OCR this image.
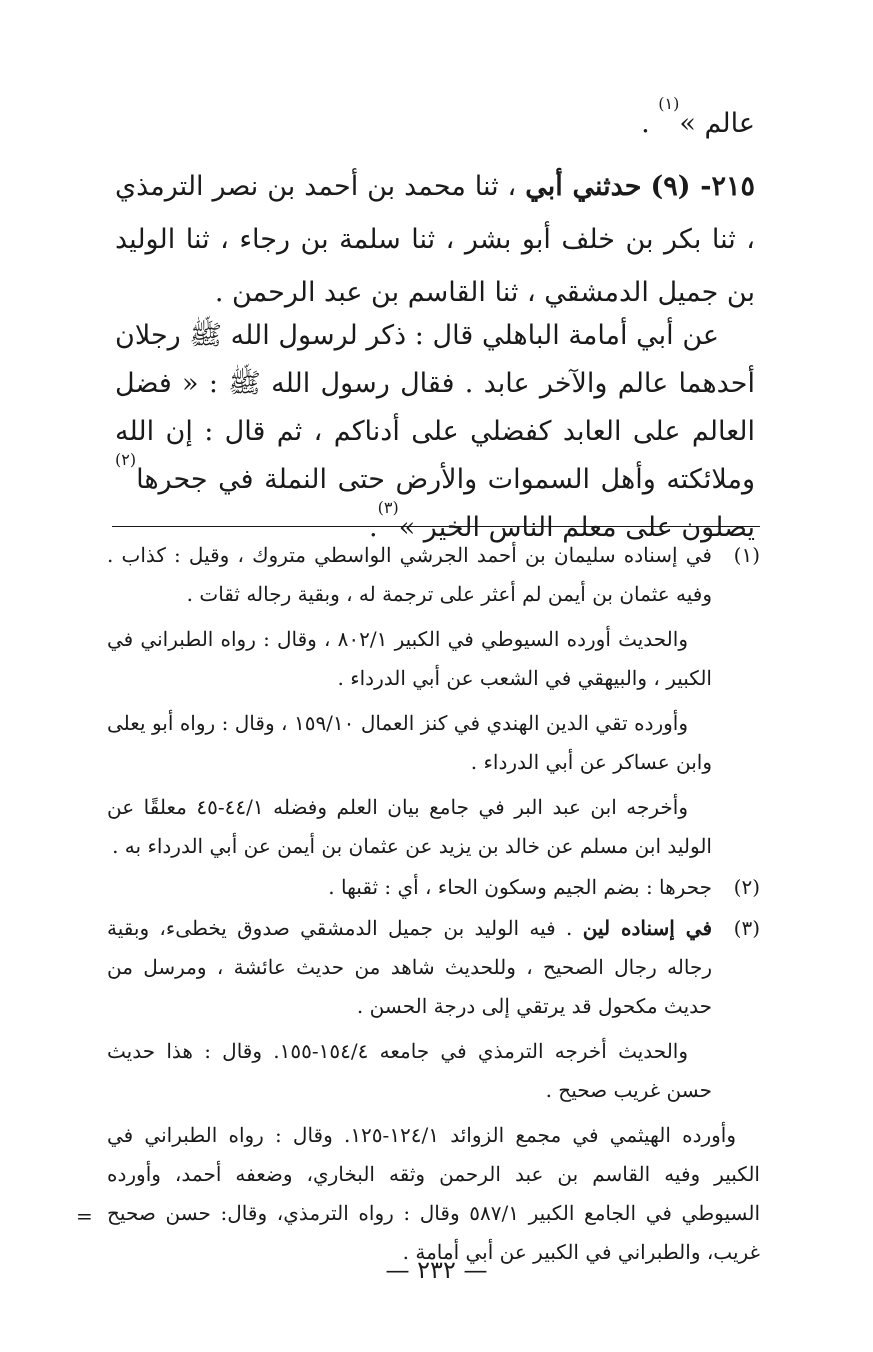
عالم »$^{(١)}$ .
٢١٥- (٩) حدثني أبي ، ثنا محمد بن أحمد بن نصر الترمذي ، ثنا بكر بن خلف أبو بشر ، ثنا سلمة بن رجاء ، ثنا الوليد بن جميل الدمشقي ، ثنا القاسم بن عبد الرحمن .
عن أبي أمامة الباهلي قال : ذكر لرسول الله ﷺ رجلان أحدهما عالم والآخر عابد . فقال رسول الله ﷺ : « فضل العالم على العابد كفضلي على أدناكم ، ثم قال : إن الله وملائكته وأهل السموات والأرض حتى النملة في جحرها$^{(٢)}$ يصلون على معلم الناس الخير »$^{(٣)}$.
(١)
في إسناده سليمان بن أحمد الجرشي الواسطي متروك ، وقيل : كذاب . وفيه عثمان بن أيمن لم أعثر على ترجمة له ، وبقية رجاله ثقات .
والحديث أورده السيوطي في الكبير ٨٠٢/١ ، وقال : رواه الطبراني في الكبير ، والبيهقي في الشعب عن أبي الدرداء .
وأورده تقي الدين الهندي في كنز العمال ١٥٩/١٠ ، وقال : رواه أبو يعلى وابن عساكر عن أبي الدرداء .
وأخرجه ابن عبد البر في جامع بيان العلم وفضله ٤٤/١-٤٥ معلقًا عن الوليد ابن مسلم عن خالد بن يزيد عن عثمان بن أيمن عن أبي الدرداء به .
(٢)
جحرها : بضم الجيم وسكون الحاء ، أي : ثقبها .
(٣)
في إسناده لين . فيه الوليد بن جميل الدمشقي صدوق يخطىء، وبقية رجاله رجال الصحيح ، وللحديث شاهد من حديث عائشة ، ومرسل من حديث مكحول قد يرتقي إلى درجة الحسن .
والحديث أخرجه الترمذي في جامعه ١٥٤/٤-١٥٥. وقال : هذا حديث حسن غريب صحيح .
وأورده الهيثمي في مجمع الزوائد ١٢٤/١-١٢٥. وقال : رواه الطبراني في الكبير وفيه القاسم بن عبد الرحمن وثقه البخاري، وضعفه أحمد، وأورده السيوطي في الجامع الكبير ٥٨٧/١ وقال : رواه الترمذي، وقال: حسن صحيح غريب، والطبراني في الكبير عن أبي أمامة .
=
— ٢٣٢ —
